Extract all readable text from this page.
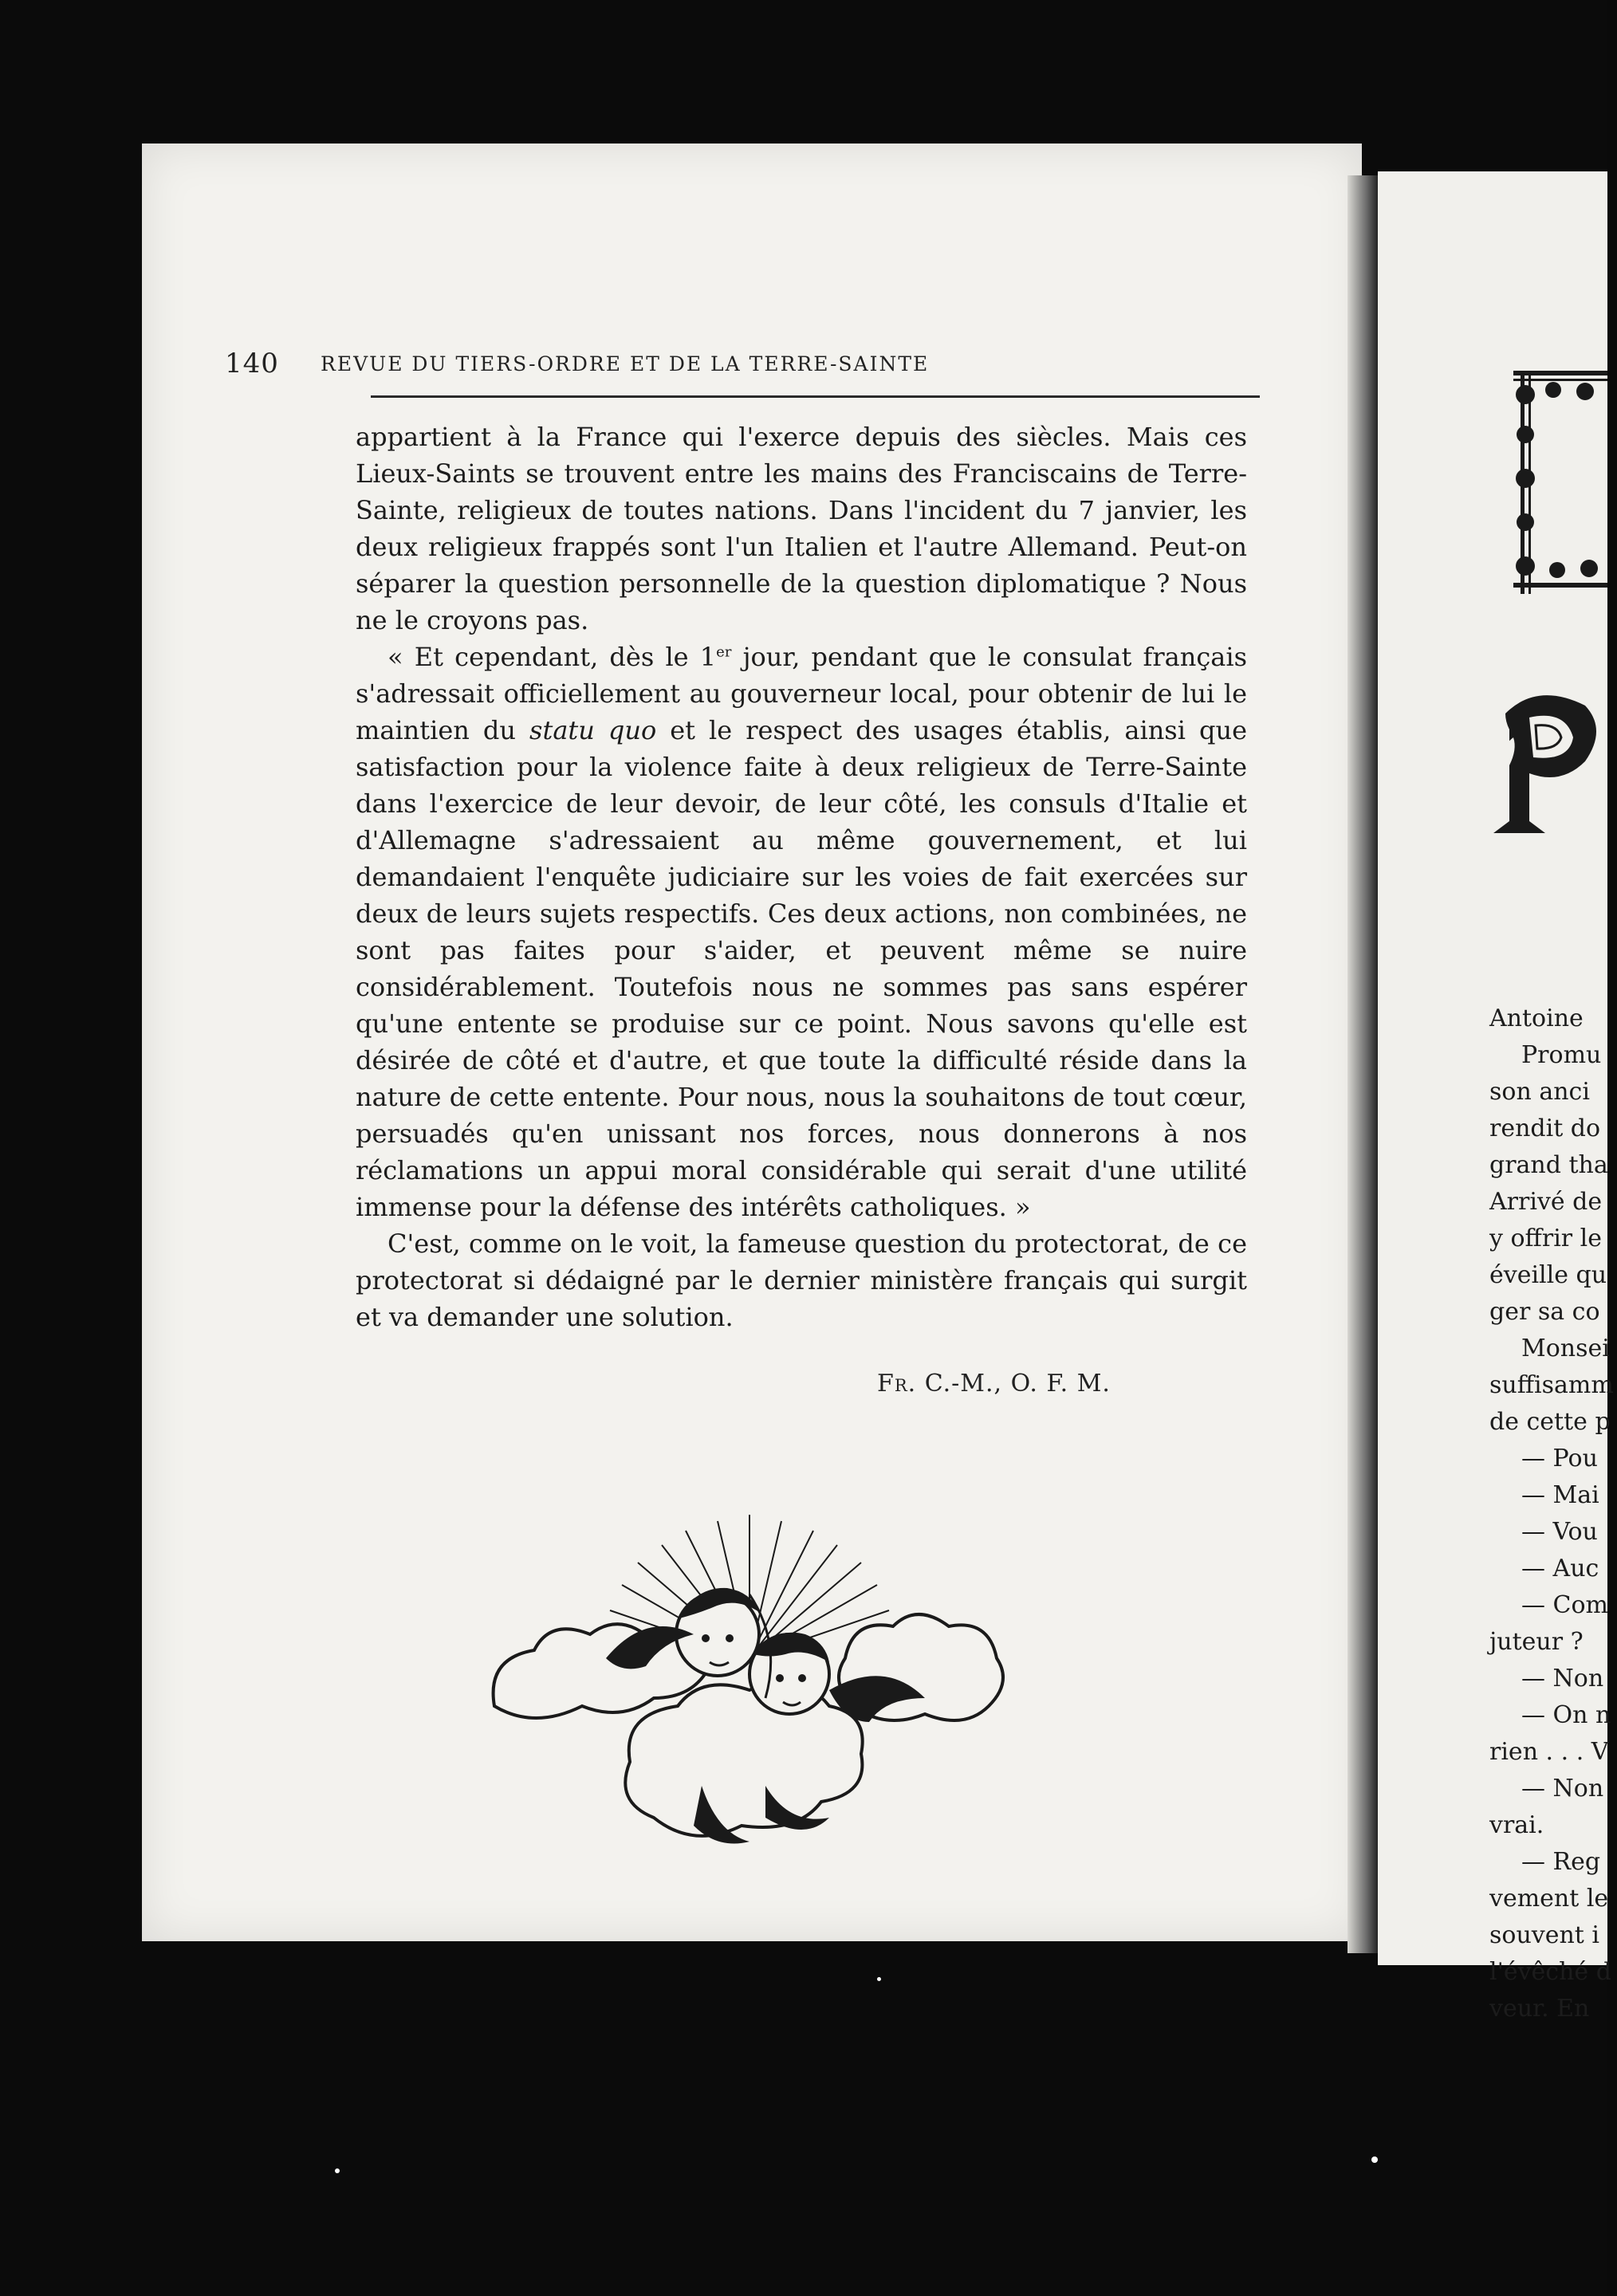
Antoine
Promu
son anci
rendit do
grand tha
Arrivé de
y offrir le
éveille qu
ger sa co
Monsei
suffisamm
de cette p
— Pou
— Mai
— Vou
— Auc
— Com
juteur ?
— Non
— On n
rien . . . V
— Non
vrai.
— Reg
vement le
souvent i
l'évêché d
veur. En
140 REVUE DU TIERS-ORDRE ET DE LA TERRE-SAINTE

appartient à la France qui l'exerce depuis des siècles. Mais ces Lieux-Saints se trouvent entre les mains des Franciscains de Terre-Sainte, religieux de toutes nations. Dans l'incident du 7 janvier, les deux religieux frappés sont l'un Italien et l'autre Allemand. Peut-on séparer la question personnelle de la question diplomatique ? Nous ne le croyons pas.

« Et cependant, dès le 1er jour, pendant que le consulat français s'adressait officiellement au gouverneur local, pour obtenir de lui le maintien du statu quo et le respect des usages établis, ainsi que satisfaction pour la violence faite à deux religieux de Terre-Sainte dans l'exercice de leur devoir, de leur côté, les consuls d'Italie et d'Allemagne s'adressaient au même gouvernement, et lui demandaient l'enquête judiciaire sur les voies de fait exercées sur deux de leurs sujets respectifs. Ces deux actions, non combinées, ne sont pas faites pour s'aider, et peuvent même se nuire considérablement. Toutefois nous ne sommes pas sans espérer qu'une entente se produise sur ce point. Nous savons qu'elle est désirée de côté et d'autre, et que toute la difficulté réside dans la nature de cette entente. Pour nous, nous la souhaitons de tout cœur, persuadés qu'en unissant nos forces, nous donnerons à nos réclamations un appui moral considérable qui serait d'une utilité immense pour la défense des intérêts catholiques. »

C'est, comme on le voit, la fameuse question du protectorat, de ce protectorat si dédaigné par le dernier ministère français qui surgit et va demander une solution.

Fr. C.-M., O. F. M.
